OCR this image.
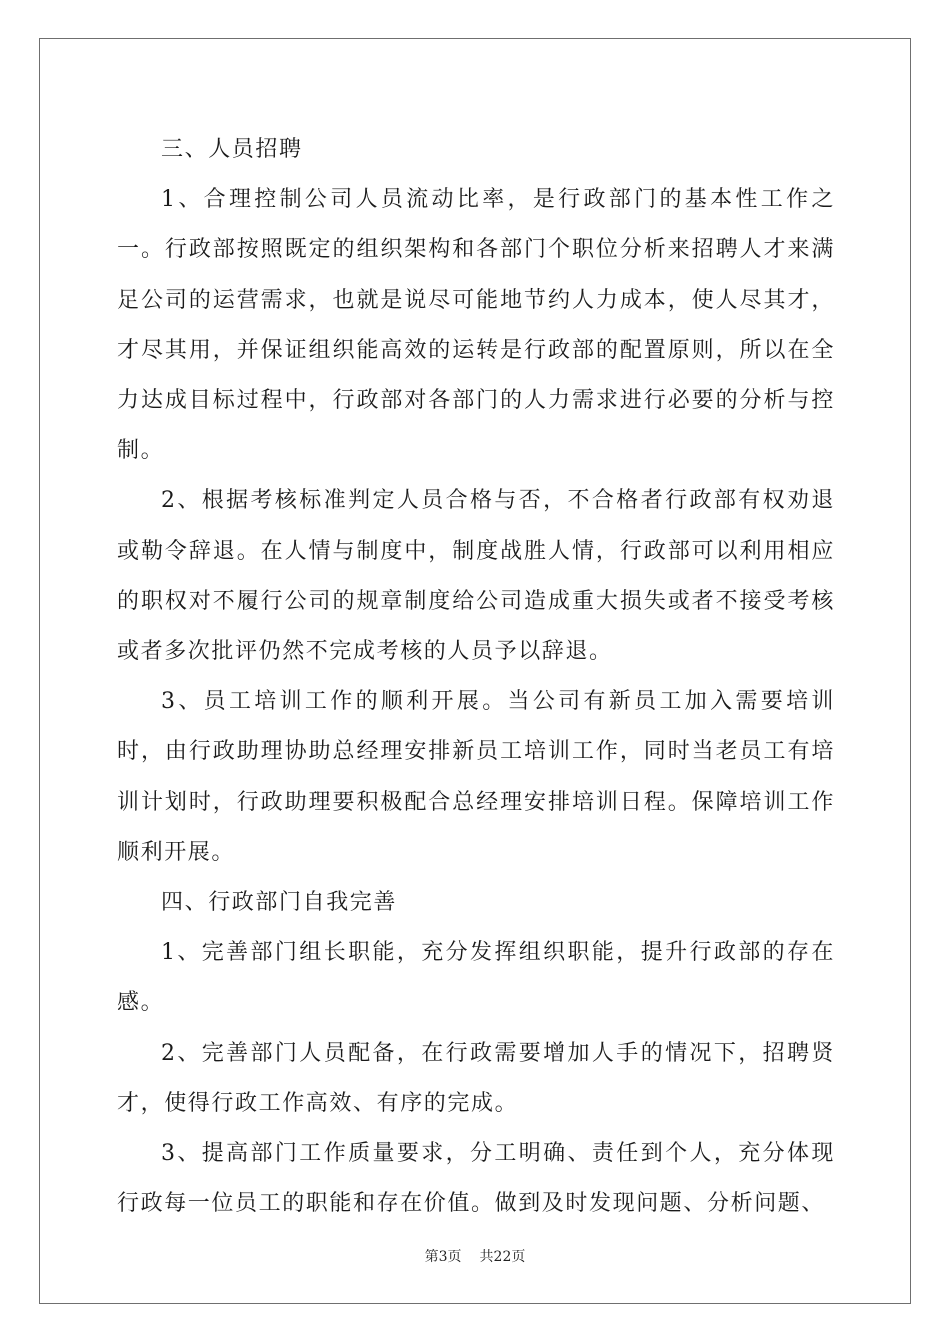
三、人员招聘

1、合理控制公司人员流动比率，是行政部门的基本性工作之一。行政部按照既定的组织架构和各部门个职位分析来招聘人才来满足公司的运营需求，也就是说尽可能地节约人力成本，使人尽其才，才尽其用，并保证组织能高效的运转是行政部的配置原则，所以在全力达成目标过程中，行政部对各部门的人力需求进行必要的分析与控制。

2、根据考核标准判定人员合格与否，不合格者行政部有权劝退或勒令辞退。在人情与制度中，制度战胜人情，行政部可以利用相应的职权对不履行公司的规章制度给公司造成重大损失或者不接受考核或者多次批评仍然不完成考核的人员予以辞退。

3、员工培训工作的顺利开展。当公司有新员工加入需要培训时，由行政助理协助总经理安排新员工培训工作，同时当老员工有培训计划时，行政助理要积极配合总经理安排培训日程。保障培训工作顺利开展。

四、行政部门自我完善

1、完善部门组长职能，充分发挥组织职能，提升行政部的存在感。

2、完善部门人员配备，在行政需要增加人手的情况下，招聘贤才，使得行政工作高效、有序的完成。

3、提高部门工作质量要求，分工明确、责任到个人，充分体现行政每一位员工的职能和存在价值。做到及时发现问题、分析问题、

第3页 共22页
